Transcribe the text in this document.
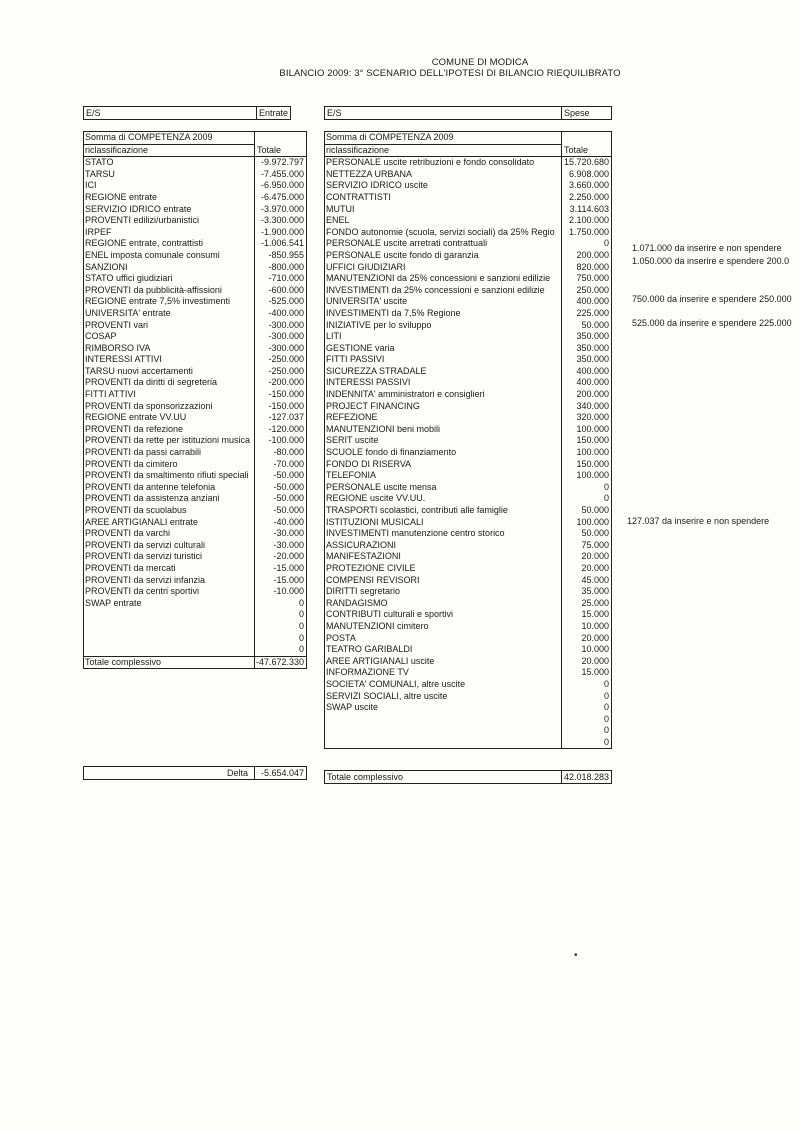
COMUNE DI MODICA
BILANCIO 2009: 3° SCENARIO DELL'IPOTESI DI BILANCIO RIEQUILIBRATO
E/S	Entrate	E/S	Spese
Somma di COMPETENZA 2009
riclassificazione	Totale
STATO	-9.972.797
TARSU	-7.455.000
ICI	-6.950.000
REGIONE entrate	-6.475.000
SERVIZIO IDRICO entrate	-3.970.000
PROVENTI edilizi/urbanistici	-3.300.000
IRPEF	-1.900.000
REGIONE entrate, contrattisti	-1.006.541
ENEL imposta comunale consumi	-850.955
SANZIONI	-800.000
STATO uffici giudiziari	-710.000
PROVENTI da pubblicità-affissioni	-600.000
REGIONE entrate 7,5% investimenti	-525.000
UNIVERSITA' entrate	-400.000
PROVENTI vari	-300.000
COSAP	-300.000
RIMBORSO IVA	-300.000
INTERESSI ATTIVI	-250.000
TARSU nuovi accertamenti	-250.000
PROVENTI da diritti di segreteria	-200.000
FITTI ATTIVI	-150.000
PROVENTI da sponsorizzazioni	-150.000
REGIONE entrate VV.UU	-127.037
PROVENTI da refezione	-120.000
PROVENTI da rette per istituzioni musica -100.000
PROVENTI da passi carrabili	-80.000
PROVENTI da cimitero	-70.000
PROVENTI da smaltimento rifiuti speciali	-50.000
PROVENTI da antenne telefonia	-50.000
PROVENTI da assistenza anziani	-50.000
PROVENTI da scuolabus	-50.000
AREE ARTIGIANALI entrate	-40.000
PROVENTI da varchi	-30.000
PROVENTI da servizi culturali	-30.000
PROVENTI da servizi turistici	-20.000
PROVENTI da mercati	-15.000
PROVENTI da servizi infanzia	-15.000
PROVENTI da centri sportivi	-10.000
SWAP entrate	0
0
0
0
0
Totale complessivo	-47.672.330
Somma di COMPETENZA 2009
riclassificazione	Totale
PERSONALE uscite retribuzioni e fondo consolidato	15.720.680
NETTEZZA URBANA	6.908.000
SERVIZIO IDRICO uscite	3.660.000
CONTRATTISTI	2.250.000
MUTUI	3.114.603
ENEL	2.100.000
FONDO autonomie (scuola, servizi sociali) da 25% Regio	1.750.000
PERSONALE uscite arretrati contrattuali	0
PERSONALE uscite fondo di garanzia	200.000
UFFICI GIUDIZIARI	820.000
MANUTENZIONI da 25% concessioni e sanzioni edilizie	750.000
INVESTIMENTI da 25% concessioni e sanzioni edilizie	250.000
UNIVERSITA' uscite	400.000
INVESTIMENTI da 7,5% Regione	225.000
INIZIATIVE per lo sviluppo	50.000
LITI	350.000
GESTIONE varia	350.000
FITTI PASSIVI	350.000
SICUREZZA STRADALE	400.000
INTERESSI PASSIVI	400.000
INDENNITA' amministratori e consiglieri	200.000
PROJECT FINANCING	340.000
REFEZIONE	320.000
MANUTENZIONI beni mobili	100.000
SERIT uscite	150.000
SCUOLE fondo di finanziamento	100.000
FONDO DI RISERVA	150.000
TELEFONIA	100.000
PERSONALE uscite mensa	0
REGIONE uscite VV.UU.	0
TRASPORTI scolastici, contributi alle famiglie	50.000
ISTITUZIONI MUSICALI	100.000
INVESTIMENTI manutenzione centro storico	50.000
ASSICURAZIONI	75.000
MANIFESTAZIONI	20.000
PROTEZIONE CIVILE	20.000
COMPENSI REVISORI	45.000
DIRITTI segretario	35.000
RANDAGISMO	25.000
CONTRIBUTI culturali e sportivi	15.000
MANUTENZIONI cimitero	10.000
POSTA	20.000
TEATRO GARIBALDI	10.000
AREE ARTIGIANALI uscite	20.000
INFORMAZIONE TV	15.000
SOCIETA' COMUNALI, altre uscite	0
SERVIZI SOCIALI, altre uscite	0
SWAP uscite	0
0
0
0
Delta -5.654.047	Totale complessivo	42.018.283
1.071.000 da inserire e non spendere
1.050.000 da inserire e spendere 200.0
750.000 da inserire e spendere 250.000
525.000 da inserire e spendere 225.000
127.037 da inserire e non spendere
•
